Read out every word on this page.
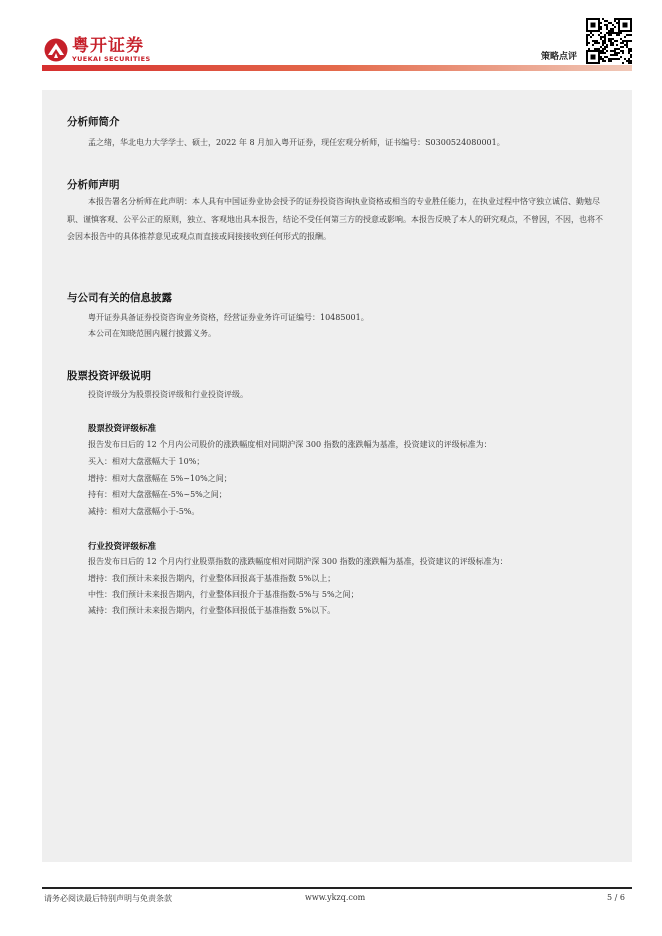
粤开证券
YUEKAI SECURITIES	策略点评
分析师简介
孟之绪，华北电力大学学士、硕士，2022 年 8 月加入粤开证券，现任宏观分析师，证书编号：S0300524080001。
分析师声明
本报告署名分析师在此声明：本人具有中国证券业协会授予的证券投资咨询执业资格或相当的专业胜任能力，在执业过程中恪守独立诚信、勤勉尽职、谨慎客观、公平公正的原则，独立、客观地出具本报告，结论不受任何第三方的授意或影响。本报告反映了本人的研究观点，不曾因，不因，也将不会因本报告中的具体推荐意见或观点而直接或间接接收到任何形式的报酬。
与公司有关的信息披露
粤开证券具备证券投资咨询业务资格，经营证券业务许可证编号：10485001。
本公司在知晓范围内履行披露义务。
股票投资评级说明
投资评级分为股票投资评级和行业投资评级。
股票投资评级标准
报告发布日后的 12 个月内公司股价的涨跌幅度相对同期沪深 300 指数的涨跌幅为基准，投资建议的评级标准为：
买入：相对大盘涨幅大于 10%；
增持：相对大盘涨幅在 5%~10%之间；
持有：相对大盘涨幅在-5%~5%之间；
减持：相对大盘涨幅小于-5%。
行业投资评级标准
报告发布日后的 12 个月内行业股票指数的涨跌幅度相对同期沪深 300 指数的涨跌幅为基准，投资建议的评级标准为：
增持：我们预计未来报告期内，行业整体回报高于基准指数 5%以上；
中性：我们预计未来报告期内，行业整体回报介于基准指数-5%与 5%之间；
减持：我们预计未来报告期内，行业整体回报低于基准指数 5%以下。
请务必阅读最后特别声明与免责条款	www.ykzq.com	5 / 6
